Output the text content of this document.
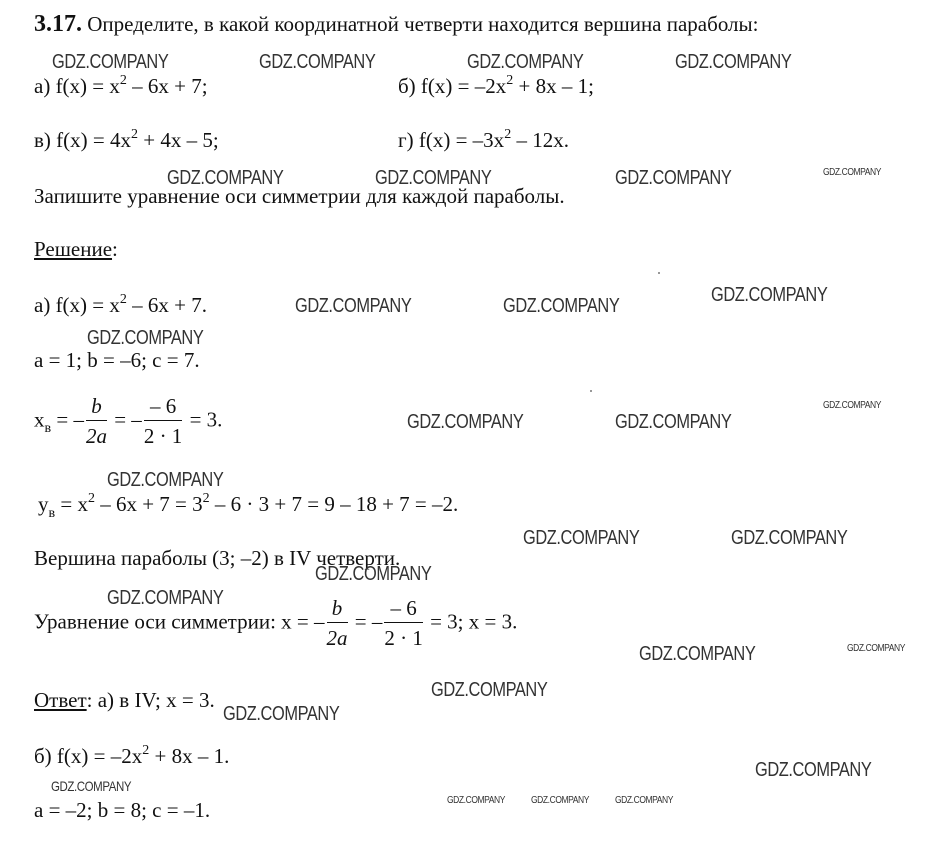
3.17. Определите, в какой координатной четверти находится вершина параболы:
а) $f(x) = x^2 - 6x + 7$;	б) $f(x) = -2x^2 + 8x - 1$;
в) $f(x) = 4x^2 + 4x - 5$;	г) $f(x) = -3x^2 - 12x$.
Запишите уравнение оси симметрии для каждой параболы.
Решение:
а) $f(x) = x^2 - 6x + 7$.
a = 1; b = –6; c = 7.
$x_в$ = – $\frac{b}{2a}$ = – $\frac{- 6}{2 \cdot 1} = 3$.
$y_в = x^2 - 6x + 7 = 3^2 - 6 \cdot 3 + 7 = 9 - 18 + 7 = -2$.
Вершина параболы (3; –2) в IV четверти.
Уравнение оси симметрии: x = – $\frac{b}{2a}$ = – $\frac{- 6}{2 \cdot 1} = 3$; x = 3.
Ответ: а) в IV; x = 3.
б) $f(x) = -2x^2 + 8x - 1$.
a = –2; b = 8; c = –1.
GDZ.COMPANY	GDZ.COMPANY	GDZ.COMPANY	GDZ.COMPANY
GDZ.COMPANY	GDZ.COMPANY	GDZ.COMPANY	GDZ.COMPANY
GDZ.COMPANY	GDZ.COMPANY	GDZ.COMPANY
GDZ.COMPANY
GDZ.COMPANY	GDZ.COMPANY
GDZ.COMPANY
GDZ.COMPANY
GDZ.COMPANY	GDZ.COMPANY
GDZ.COMPANY
GDZ.COMPANY
GDZ.COMPANY	GDZ.COMPANY
GDZ.COMPANY
GDZ.COMPANY
GDZ.COMPANY
GDZ.COMPANY
GDZ.COMPANY	GDZ.COMPANY	GDZ.COMPANY
